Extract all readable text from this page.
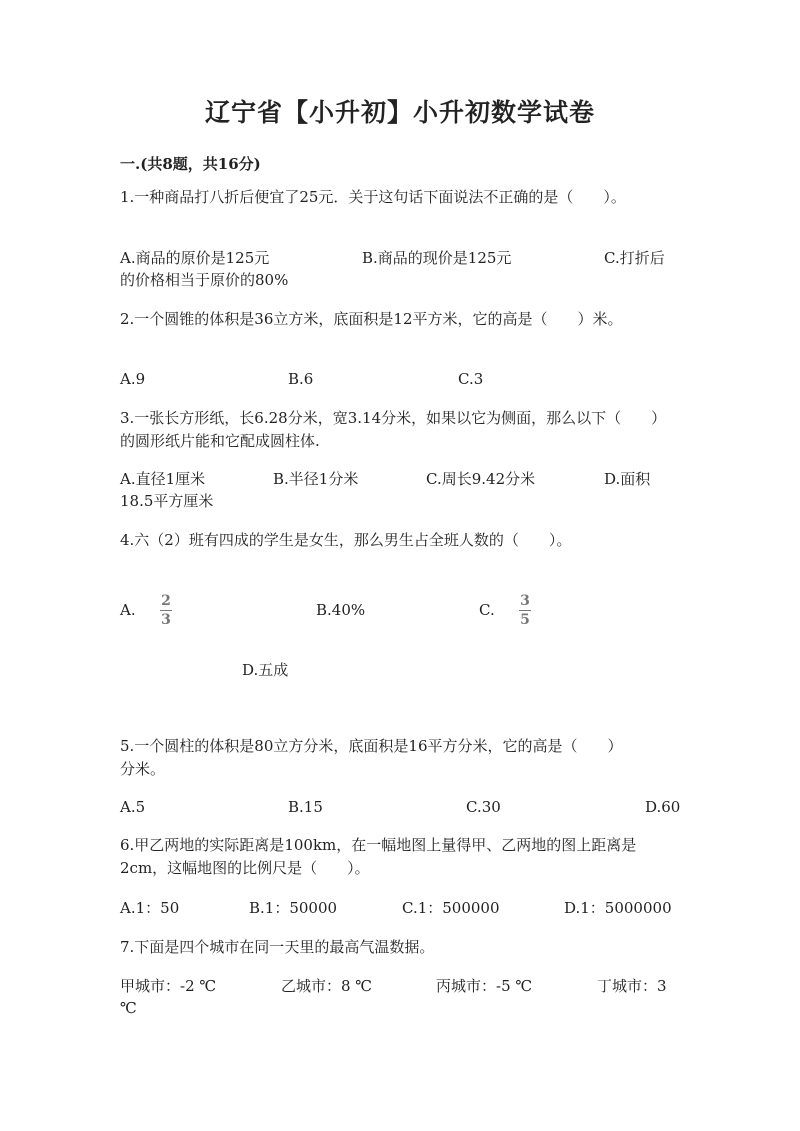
辽宁省【小升初】小升初数学试卷
一.(共8题，共16分)
1.一种商品打八折后便宜了25元．关于这句话下面说法不正确的是（　　）。
A.商品的原价是125元	B.商品的现价是125元	C.打折后
的价格相当于原价的80%
2.一个圆锥的体积是36立方米，底面积是12平方米，它的高是（　　）米。
A.9	B.6	C.3
3.一张长方形纸，长6.28分米，宽3.14分米，如果以它为侧面，那么以下（　　）的圆形纸片能和它配成圆柱体.
A.直径1厘米	B.半径1分米	C.周长9.42分米	D.面积
18.5平方厘米
4.六（2）班有四成的学生是女生，那么男生占全班人数的（　　）。
A. 2
3
B.40%	C. 3
5
D.五成
5.一个圆柱的体积是80立方分米，底面积是16平方分米，它的高是（　　）
分米。
A.5	B.15	C.30	D.60
6.甲乙两地的实际距离是100km，在一幅地图上量得甲、乙两地的图上距离是2cm，这幅地图的比例尺是（　　）。
A.1：50	B.1：50000	C.1：500000	D.1：5000000
7.下面是四个城市在同一天里的最高气温数据。
甲城市：-2 ℃	乙城市：8 ℃	丙城市：-5 ℃	丁城市：3
℃
